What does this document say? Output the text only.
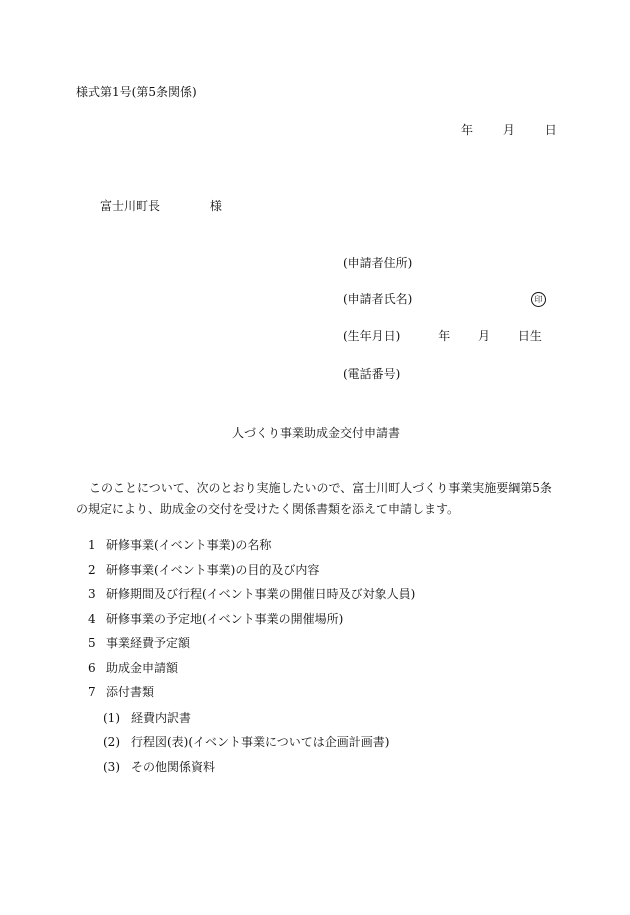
様式第1号(第5条関係)
年 月 日
富士川町長	様
(申請者住所)
(申請者氏名)	印
(生年月日)	年 月 日生
(電話番号)
人づくり事業助成金交付申請書
このことについて、次のとおり実施したいので、富士川町人づくり事業実施要綱第5条
の規定により、助成金の交付を受けたく関係書類を添えて申請します。
1 研修事業(イベント事業)の名称
2 研修事業(イベント事業)の目的及び内容
3 研修期間及び行程(イベント事業の開催日時及び対象人員)
4 研修事業の予定地(イベント事業の開催場所)
5 事業経費予定額
6 助成金申請額
7 添付書類
(1) 経費内訳書
(2) 行程図(表)(イベント事業については企画計画書)
(3) その他関係資料
